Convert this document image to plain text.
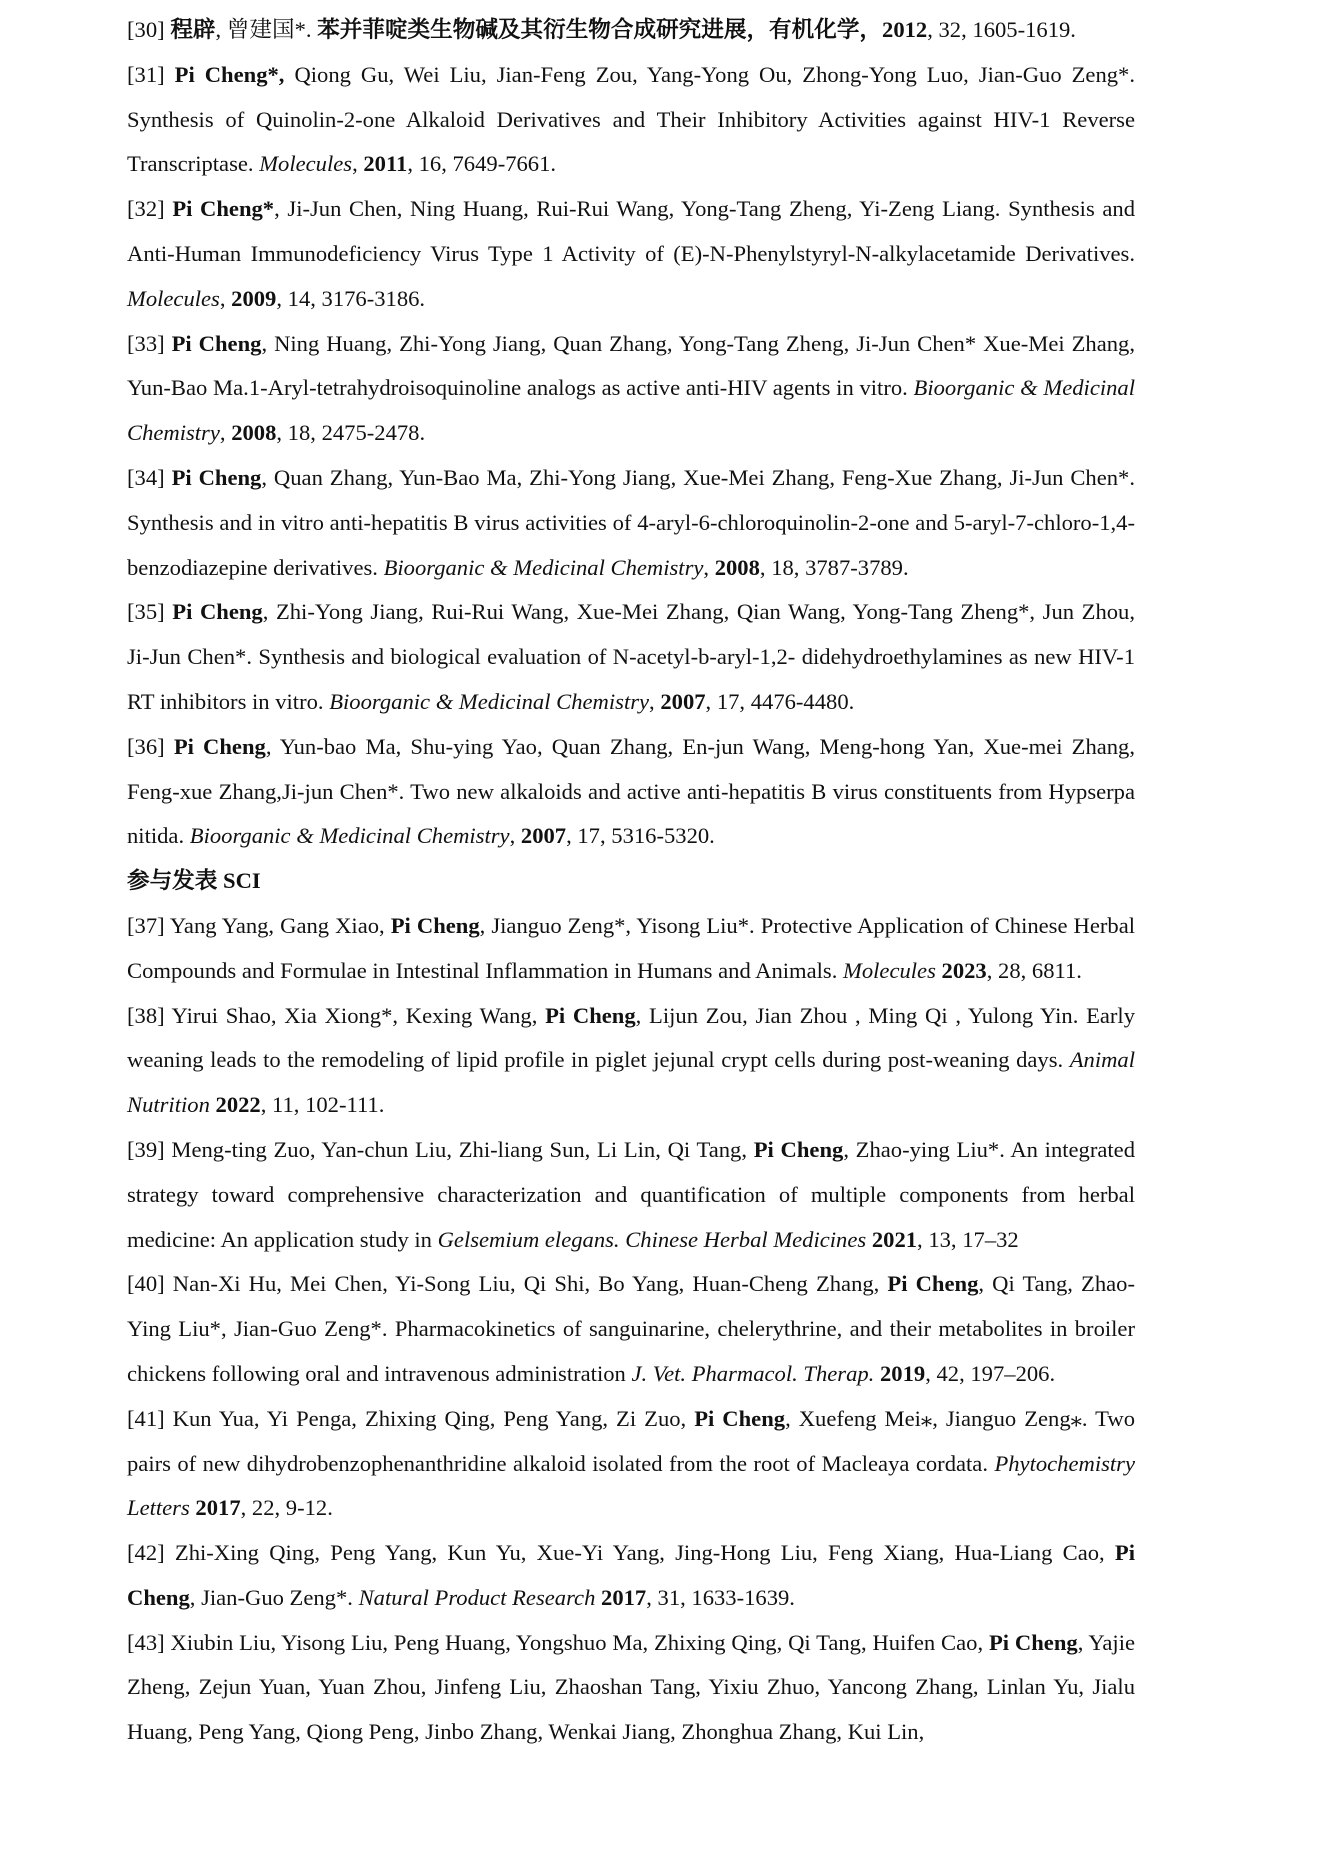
[30] 程辟, 曾建国*. 苯并菲啶类生物碱及其衍生物合成研究进展，有机化学，2012, 32, 1605-1619.

[31] Pi Cheng*, Qiong Gu, Wei Liu, Jian-Feng Zou, Yang-Yong Ou, Zhong-Yong Luo, Jian-Guo Zeng*. Synthesis of Quinolin-2-one Alkaloid Derivatives and Their Inhibitory Activities against HIV-1 Reverse Transcriptase. Molecules, 2011, 16, 7649-7661.

[32] Pi Cheng*, Ji-Jun Chen, Ning Huang, Rui-Rui Wang, Yong-Tang Zheng, Yi-Zeng Liang. Synthesis and Anti-Human Immunodeficiency Virus Type 1 Activity of (E)-N-Phenylstyryl-N-alkylacetamide Derivatives. Molecules, 2009, 14, 3176-3186.

[33] Pi Cheng, Ning Huang, Zhi-Yong Jiang, Quan Zhang, Yong-Tang Zheng, Ji-Jun Chen* Xue-Mei Zhang, Yun-Bao Ma.1-Aryl-tetrahydroisoquinoline analogs as active anti-HIV agents in vitro. Bioorganic & Medicinal Chemistry, 2008, 18, 2475-2478.

[34] Pi Cheng, Quan Zhang, Yun-Bao Ma, Zhi-Yong Jiang, Xue-Mei Zhang, Feng-Xue Zhang, Ji-Jun Chen*. Synthesis and in vitro anti-hepatitis B virus activities of 4-aryl-6-chloroquinolin-2-one and 5-aryl-7-chloro-1,4-benzodiazepine derivatives. Bioorganic & Medicinal Chemistry, 2008, 18, 3787-3789.

[35] Pi Cheng, Zhi-Yong Jiang, Rui-Rui Wang, Xue-Mei Zhang, Qian Wang, Yong-Tang Zheng*, Jun Zhou, Ji-Jun Chen*. Synthesis and biological evaluation of N-acetyl-b-aryl-1,2- didehydroethylamines as new HIV-1 RT inhibitors in vitro. Bioorganic & Medicinal Chemistry, 2007, 17, 4476-4480.

[36] Pi Cheng, Yun-bao Ma, Shu-ying Yao, Quan Zhang, En-jun Wang, Meng-hong Yan, Xue-mei Zhang, Feng-xue Zhang,Ji-jun Chen*. Two new alkaloids and active anti-hepatitis B virus constituents from Hypserpa nitida. Bioorganic & Medicinal Chemistry, 2007, 17, 5316-5320.

参与发表 SCI

[37] Yang Yang, Gang Xiao, Pi Cheng, Jianguo Zeng*, Yisong Liu*. Protective Application of Chinese Herbal Compounds and Formulae in Intestinal Inflammation in Humans and Animals. Molecules 2023, 28, 6811.

[38] Yirui Shao, Xia Xiong*, Kexing Wang, Pi Cheng, Lijun Zou, Jian Zhou , Ming Qi , Yulong Yin. Early weaning leads to the remodeling of lipid profile in piglet jejunal crypt cells during post-weaning days. Animal Nutrition 2022, 11, 102-111.

[39] Meng-ting Zuo, Yan-chun Liu, Zhi-liang Sun, Li Lin, Qi Tang, Pi Cheng, Zhao-ying Liu*. An integrated strategy toward comprehensive characterization and quantification of multiple components from herbal medicine: An application study in Gelsemium elegans. Chinese Herbal Medicines 2021, 13, 17–32

[40] Nan-Xi Hu, Mei Chen, Yi-Song Liu, Qi Shi, Bo Yang, Huan-Cheng Zhang, Pi Cheng, Qi Tang, Zhao-Ying Liu*, Jian-Guo Zeng*. Pharmacokinetics of sanguinarine, chelerythrine, and their metabolites in broiler chickens following oral and intravenous administration J. Vet. Pharmacol. Therap. 2019, 42, 197–206.

[41] Kun Yua, Yi Penga, Zhixing Qing, Peng Yang, Zi Zuo, Pi Cheng, Xuefeng Mei⁎, Jianguo Zeng⁎. Two pairs of new dihydrobenzophenanthridine alkaloid isolated from the root of Macleaya cordata. Phytochemistry Letters 2017, 22, 9-12.

[42] Zhi-Xing Qing, Peng Yang, Kun Yu, Xue-Yi Yang, Jing-Hong Liu, Feng Xiang, Hua-Liang Cao, Pi Cheng, Jian-Guo Zeng*. Natural Product Research 2017, 31, 1633-1639.

[43] Xiubin Liu, Yisong Liu, Peng Huang, Yongshuo Ma, Zhixing Qing, Qi Tang, Huifen Cao, Pi Cheng, Yajie Zheng, Zejun Yuan, Yuan Zhou, Jinfeng Liu, Zhaoshan Tang, Yixiu Zhuo, Yancong Zhang, Linlan Yu, Jialu Huang, Peng Yang, Qiong Peng, Jinbo Zhang, Wenkai Jiang, Zhonghua Zhang, Kui Lin,
